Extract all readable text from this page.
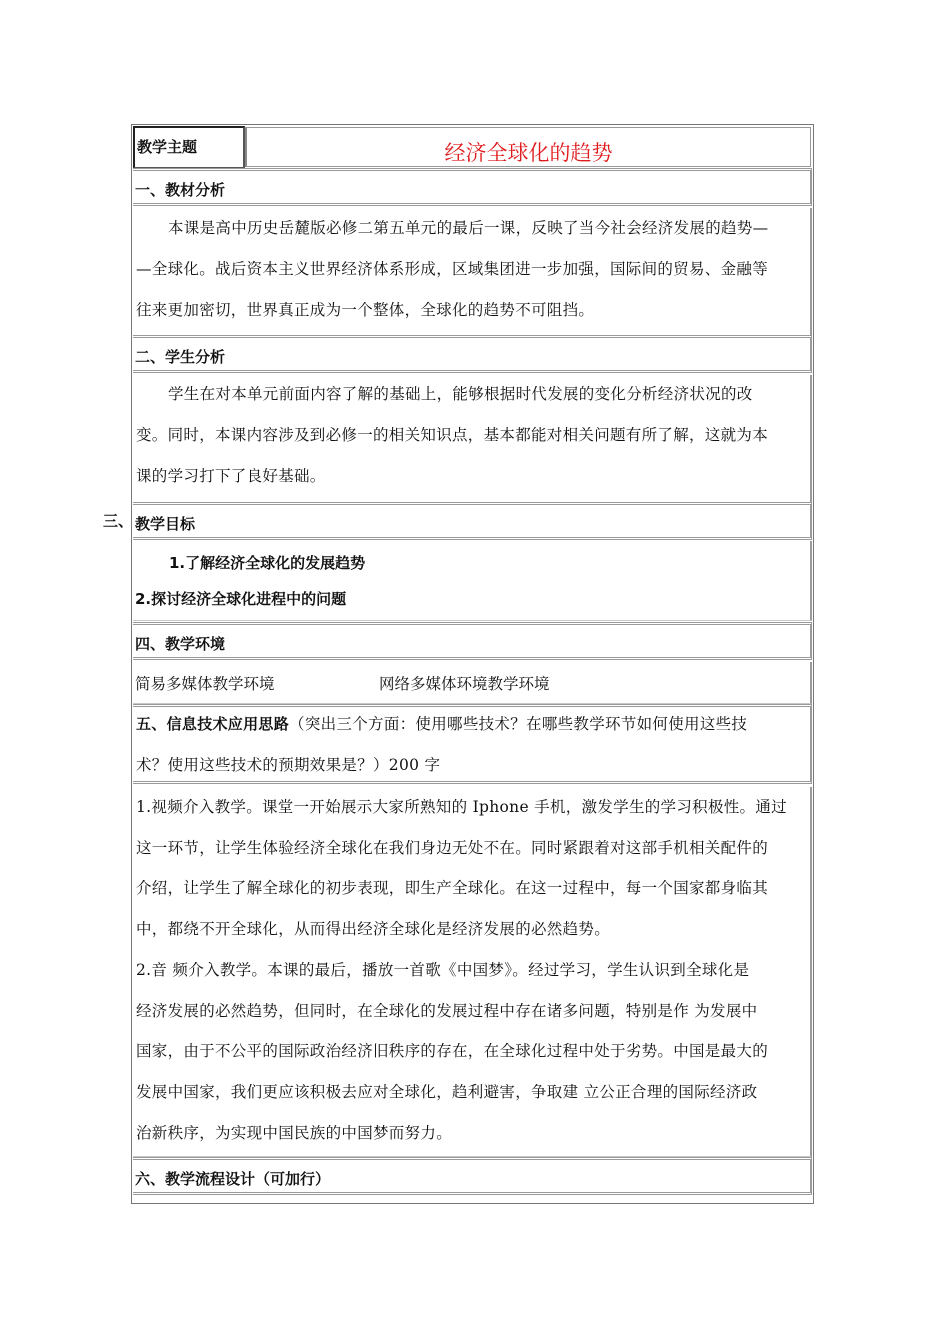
教学主题	经济全球化的趋势
一、教材分析
本课是高中历史岳麓版必修二第五单元的最后一课，反映了当今社会经济发展的趋势—
—全球化。战后资本主义世界经济体系形成，区域集团进一步加强，国际间的贸易、金融等
往来更加密切，世界真正成为一个整体，全球化的趋势不可阻挡。
二、学生分析
学生在对本单元前面内容了解的基础上，能够根据时代发展的变化分析经济状况的改
变。同时，本课内容涉及到必修一的相关知识点，基本都能对相关问题有所了解，这就为本
课的学习打下了良好基础。
三、 教学目标
1.了解经济全球化的发展趋势
2.探讨经济全球化进程中的问题
四、教学环境
简易多媒体教学环境	网络多媒体环境教学环境
五、信息技术应用思路（突出三个方面：使用哪些技术？在哪些教学环节如何使用这些技
术？使用这些技术的预期效果是？）200 字
1.视频介入教学。课堂一开始展示大家所熟知的 Iphone 手机，激发学生的学习积极性。通过
这一环节，让学生体验经济全球化在我们身边无处不在。同时紧跟着对这部手机相关配件的
介绍，让学生了解全球化的初步表现，即生产全球化。在这一过程中，每一个国家都身临其
中，都绕不开全球化，从而得出经济全球化是经济发展的必然趋势。
2.音 频介入教学。本课的最后，播放一首歌《中国梦》。经过学习，学生认识到全球化是
经济发展的必然趋势，但同时，在全球化的发展过程中存在诸多问题，特别是作 为发展中
国家，由于不公平的国际政治经济旧秩序的存在，在全球化过程中处于劣势。中国是最大的
发展中国家，我们更应该积极去应对全球化，趋利避害，争取建 立公正合理的国际经济政
治新秩序，为实现中国民族的中国梦而努力。
六、教学流程设计（可加行）
